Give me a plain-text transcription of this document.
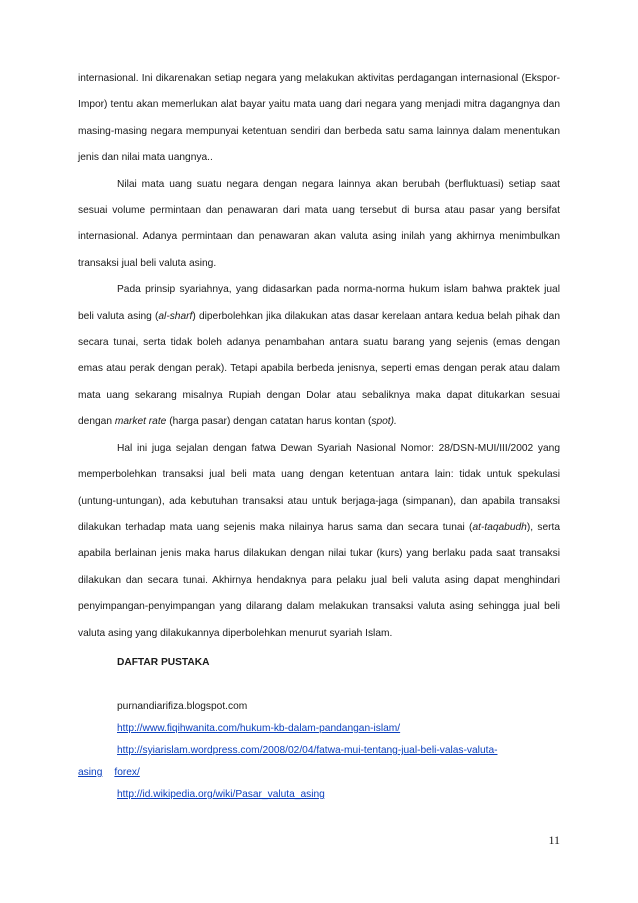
internasional. Ini dikarenakan setiap negara yang melakukan aktivitas perdagangan internasional (Ekspor-Impor) tentu akan memerlukan alat bayar yaitu mata uang dari negara yang menjadi mitra dagangnya dan masing-masing negara mempunyai ketentuan sendiri dan berbeda satu sama lainnya dalam menentukan jenis dan nilai mata uangnya..

Nilai mata uang suatu negara dengan negara lainnya akan berubah (berfluktuasi) setiap saat sesuai volume permintaan dan penawaran dari mata uang tersebut di bursa atau pasar yang bersifat internasional. Adanya permintaan dan penawaran akan valuta asing inilah yang akhirnya menimbulkan transaksi jual beli valuta asing.

Pada prinsip syariahnya, yang didasarkan pada norma-norma hukum islam bahwa praktek jual beli valuta asing (al-sharf) diperbolehkan jika dilakukan atas dasar kerelaan antara kedua belah pihak dan secara tunai, serta tidak boleh adanya penambahan antara suatu barang yang sejenis (emas dengan emas atau perak dengan perak). Tetapi apabila berbeda jenisnya, seperti emas dengan perak atau dalam mata uang sekarang misalnya Rupiah dengan Dolar atau sebaliknya maka dapat ditukarkan sesuai dengan market rate (harga pasar) dengan catatan harus kontan (spot).

Hal ini juga sejalan dengan fatwa Dewan Syariah Nasional Nomor: 28/DSN-MUI/III/2002 yang memperbolehkan transaksi jual beli mata uang dengan ketentuan antara lain: tidak untuk spekulasi (untung-untungan), ada kebutuhan transaksi atau untuk berjaga-jaga (simpanan), dan apabila transaksi dilakukan terhadap mata uang sejenis maka nilainya harus sama dan secara tunai (at-taqabudh), serta apabila berlainan jenis maka harus dilakukan dengan nilai tukar (kurs) yang berlaku pada saat transaksi dilakukan dan secara tunai. Akhirnya hendaknya para pelaku jual beli valuta asing dapat menghindari penyimpangan-penyimpangan yang dilarang dalam melakukan transaksi valuta asing sehingga jual beli valuta asing yang dilakukannya diperbolehkan menurut syariah Islam.

DAFTAR PUSTAKA
purnandiarifiza.blogspot.com
http://www.fiqihwanita.com/hukum-kb-dalam-pandangan-islam/
http://syiarislam.wordpress.com/2008/02/04/fatwa-mui-tentang-jual-beli-valas-valuta-
asing forex/
http://id.wikipedia.org/wiki/Pasar_valuta_asing
11
